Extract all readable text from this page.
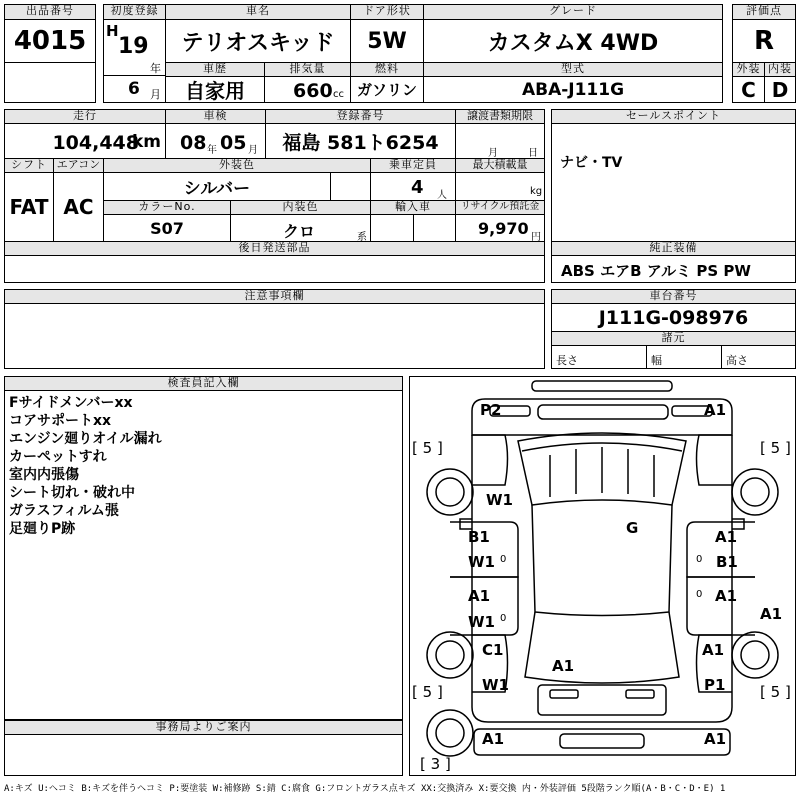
出品番号
4015
初度登録
H
19
年
6 月
車名
テリオスキッド
ドア形状
5W
グレード
カスタムX 4WD
評価点
R
車歴
自家用
排気量
660 cc
燃料
ガソリン
型式
ABA-J111G
外装 内装
C D
走行
104,448
km
車検
08 年 05 月
登録番号
福島 581ト6254
譲渡書類期限
月	日
セールスポイント
ナビ・TV
シフト
FAT
エアコン
AC
外装色
シルバー
乗車定員
4 人
最大積載量
kg
カラーNo.
S07
内装色
クロ	系
輸入車	リサイクル預託金
9,970 円
後日発送部品	純正装備
ABS エアB アルミ PS PW
注意事項欄	車台番号
J111G-098976
諸元
長さ	幅	高さ
検査員記入欄
Fサイドメンバーxx
コアサポートxx
エンジン廻りオイル漏れ
カーペットすれ
室内内張傷
シート切れ・破れ中
ガラスフィルム張
足廻りP跡
事務局よりご案内
P2	A1
W1
G
B1
W1 0
A1
B1
0
A1
W1 0
A1
0
A1
C1
A1
A1
W1	P1
A1	A1
[ 5 ]	[ 5 ]
[ 5 ]	[ 5 ]
[ 3 ]
A:キズ U:ヘコミ B:キズを伴うヘコミ P:要塗装 W:補修跡 S:錆 C:腐食 G:フロントガラス点キズ XX:交換済み X:要交換 内・外装評価 5段階ランク順(A・B・C・D・E) 1
